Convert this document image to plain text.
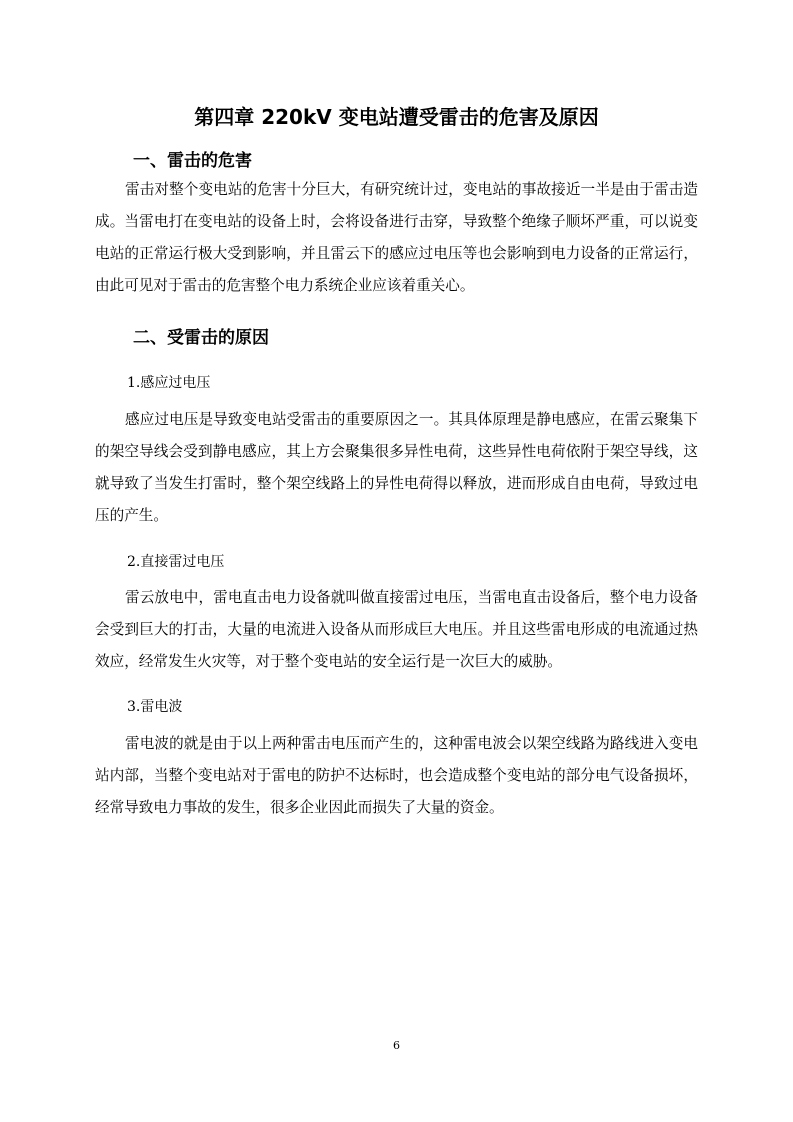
第四章 220kV 变电站遭受雷击的危害及原因
一、雷击的危害

雷击对整个变电站的危害十分巨大，有研究统计过，变电站的事故接近一半是由于雷击造成。当雷电打在变电站的设备上时，会将设备进行击穿，导致整个绝缘子顺坏严重，可以说变电站的正常运行极大受到影响，并且雷云下的感应过电压等也会影响到电力设备的正常运行，由此可见对于雷击的危害整个电力系统企业应该着重关心。

二、受雷击的原因
1.感应过电压

感应过电压是导致变电站受雷击的重要原因之一。其具体原理是静电感应，在雷云聚集下的架空导线会受到静电感应，其上方会聚集很多异性电荷，这些异性电荷依附于架空导线，这就导致了当发生打雷时，整个架空线路上的异性电荷得以释放，进而形成自由电荷，导致过电压的产生。

2.直接雷过电压

雷云放电中，雷电直击电力设备就叫做直接雷过电压，当雷电直击设备后，整个电力设备会受到巨大的打击，大量的电流进入设备从而形成巨大电压。并且这些雷电形成的电流通过热效应，经常发生火灾等，对于整个变电站的安全运行是一次巨大的威胁。

3.雷电波

雷电波的就是由于以上两种雷击电压而产生的，这种雷电波会以架空线路为路线进入变电站内部，当整个变电站对于雷电的防护不达标时，也会造成整个变电站的部分电气设备损坏，经常导致电力事故的发生，很多企业因此而损失了大量的资金。

6
